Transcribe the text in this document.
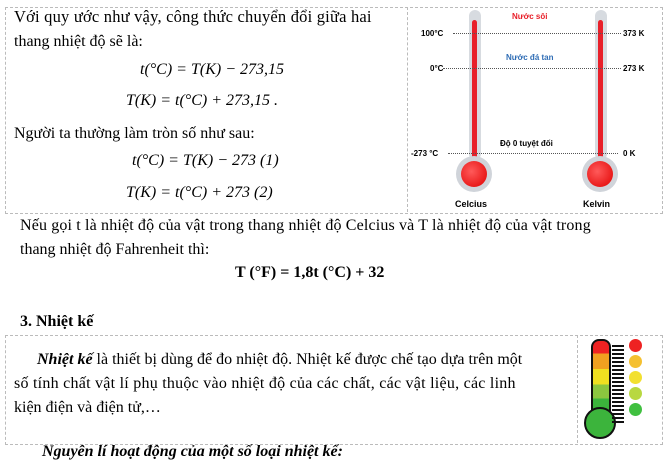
Với quy ước như vậy, công thức chuyển đổi giữa hai
thang nhiệt độ sẽ là:
t(°C) = T(K) − 273,15
T(K) = t(°C) + 273,15 .
Người ta thường làm tròn số như sau:
t(°C) = T(K) − 273 (1)
T(K) = t(°C) + 273 (2)
Nước sôi
Nước đá tan
Độ 0 tuyệt đối
100°C
0°C
-273 °C
373 K
273 K
0 K
Celcius	Kelvin
Nếu gọi t là nhiệt độ của vật trong thang nhiệt độ Celcius và T là nhiệt độ của vật trong
thang nhiệt độ Fahrenheit thì:
T (°F) = 1,8t (°C) + 32
3. Nhiệt kế
Nhiệt kế là thiết bị dùng để đo nhiệt độ. Nhiệt kế được chế tạo dựa trên một
số tính chất vật lí phụ thuộc vào nhiệt độ của các chất, các vật liệu, các linh
kiện điện và điện tử,…
Nguyên lí hoạt động của một số loại nhiệt kế:
